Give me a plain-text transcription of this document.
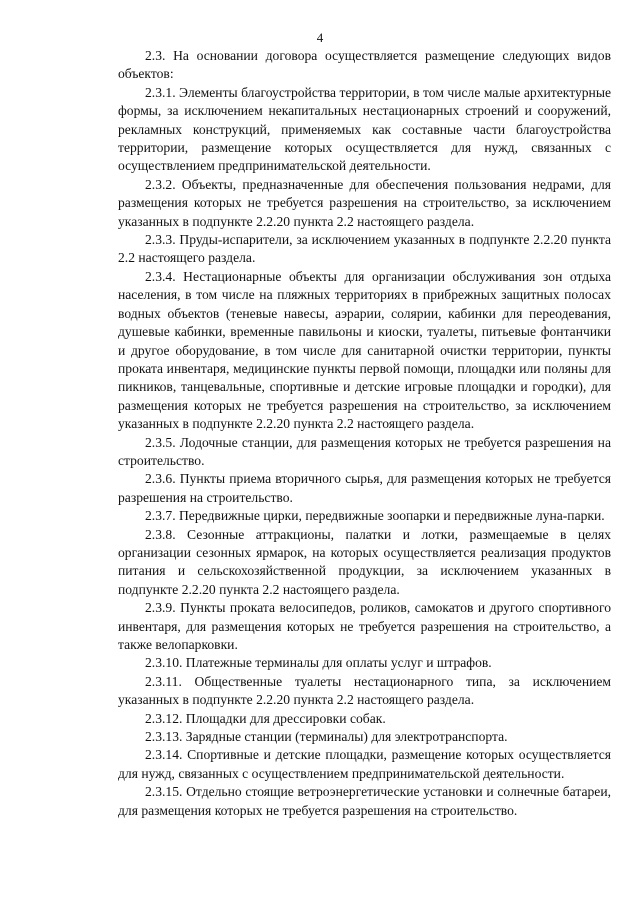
4

2.3. На основании договора осуществляется размещение следующих видов объектов:

2.3.1. Элементы благоустройства территории, в том числе малые архитектурные формы, за исключением некапитальных нестационарных строений и сооружений, рекламных конструкций, применяемых как составные части благоустройства территории, размещение которых осуществляется для нужд, связанных с осуществлением предпринимательской деятельности.

2.3.2. Объекты, предназначенные для обеспечения пользования недрами, для размещения которых не требуется разрешения на строительство, за исключением указанных в подпункте 2.2.20 пункта 2.2 настоящего раздела.

2.3.3. Пруды-испарители, за исключением указанных в подпункте 2.2.20 пункта 2.2 настоящего раздела.

2.3.4. Нестационарные объекты для организации обслуживания зон отдыха населения, в том числе на пляжных территориях в прибрежных защитных полосах водных объектов (теневые навесы, аэрарии, солярии, кабинки для переодевания, душевые кабинки, временные павильоны и киоски, туалеты, питьевые фонтанчики и другое оборудование, в том числе для санитарной очистки территории, пункты проката инвентаря, медицинские пункты первой помощи, площадки или поляны для пикников, танцевальные, спортивные и детские игровые площадки и городки), для размещения которых не требуется разрешения на строительство, за исключением указанных в подпункте 2.2.20 пункта 2.2 настоящего раздела.

2.3.5. Лодочные станции, для размещения которых не требуется разрешения на строительство.

2.3.6. Пункты приема вторичного сырья, для размещения которых не требуется разрешения на строительство.

2.3.7. Передвижные цирки, передвижные зоопарки и передвижные луна-парки.

2.3.8. Сезонные аттракционы, палатки и лотки, размещаемые в целях организации сезонных ярмарок, на которых осуществляется реализация продуктов питания и сельскохозяйственной продукции, за исключением указанных в подпункте 2.2.20 пункта 2.2 настоящего раздела.

2.3.9. Пункты проката велосипедов, роликов, самокатов и другого спортивного инвентаря, для размещения которых не требуется разрешения на строительство, а также велопарковки.

2.3.10. Платежные терминалы для оплаты услуг и штрафов.

2.3.11. Общественные туалеты нестационарного типа, за исключением указанных в подпункте 2.2.20 пункта 2.2 настоящего раздела.

2.3.12. Площадки для дрессировки собак.

2.3.13. Зарядные станции (терминалы) для электротранспорта.

2.3.14. Спортивные и детские площадки, размещение которых осуществляется для нужд, связанных с осуществлением предпринимательской деятельности.

2.3.15. Отдельно стоящие ветроэнергетические установки и солнечные батареи, для размещения которых не требуется разрешения на строительство.
